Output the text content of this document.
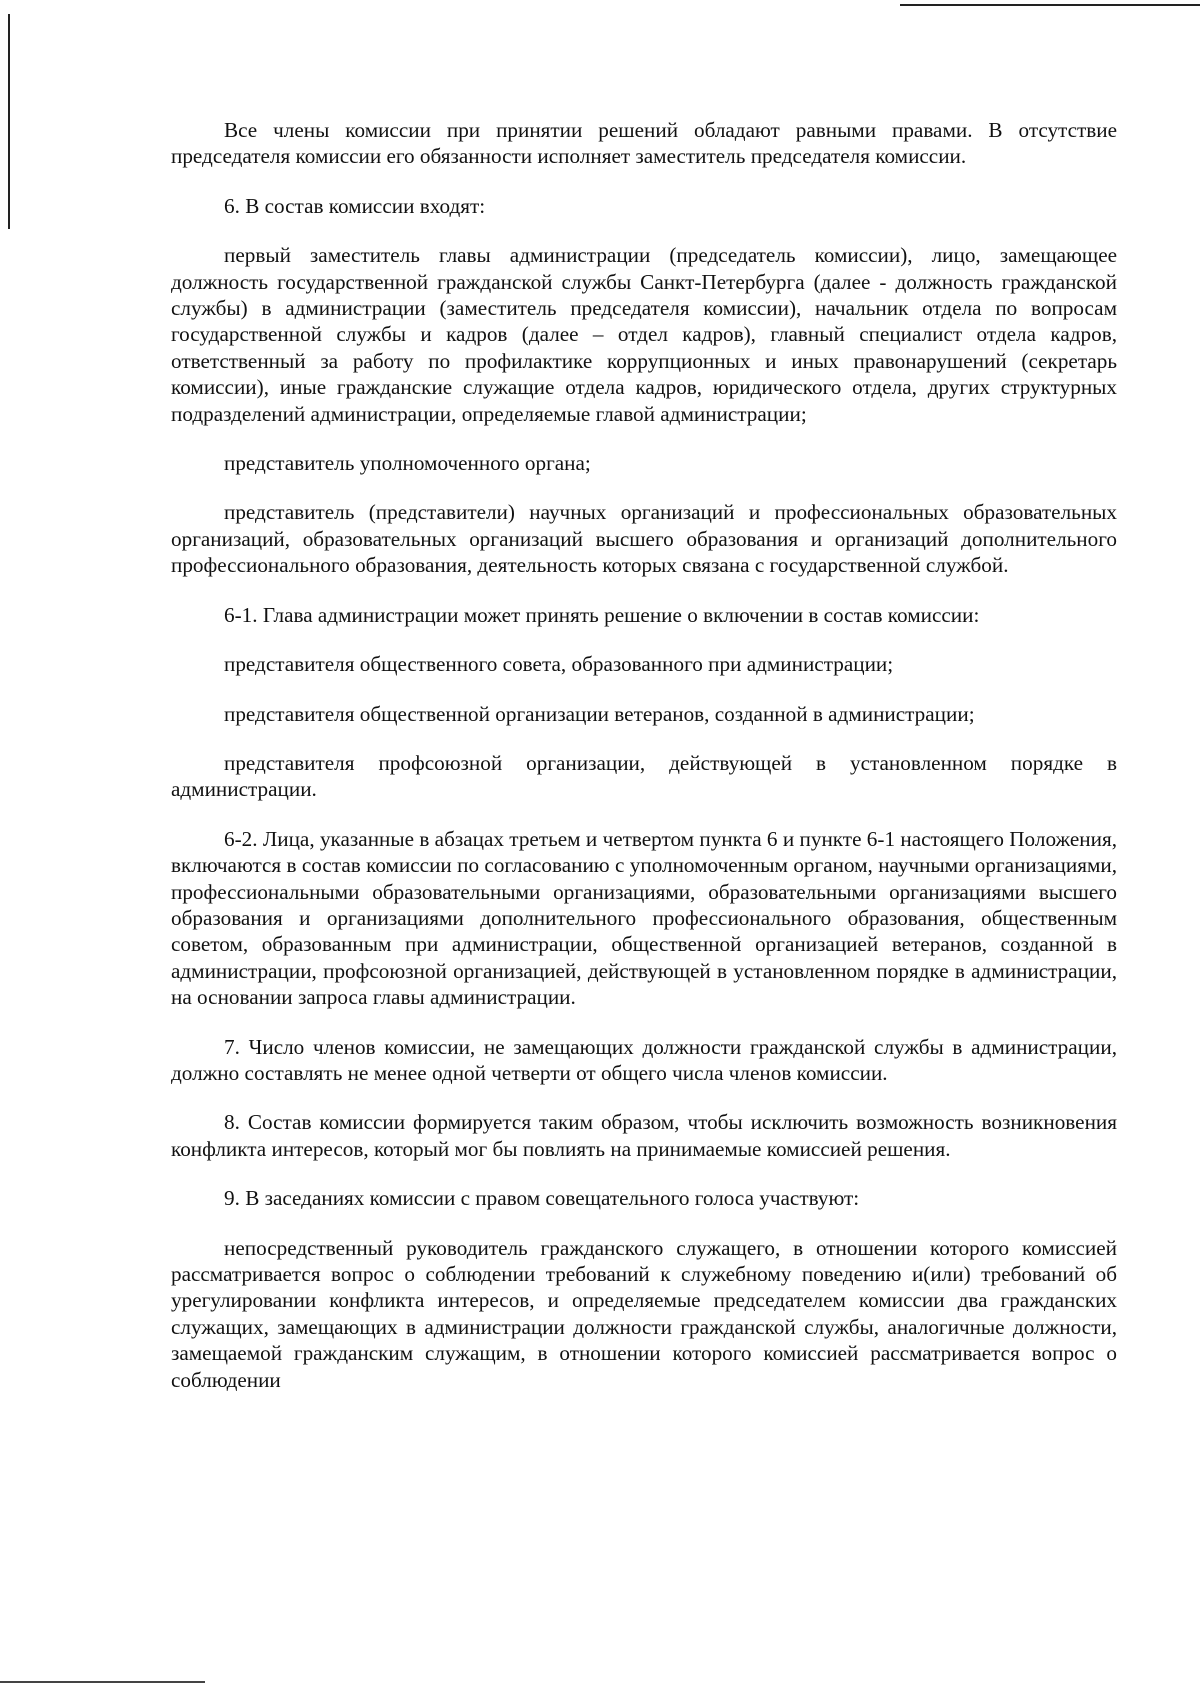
Все члены комиссии при принятии решений обладают равными правами. В отсутствие председателя комиссии его обязанности исполняет заместитель председателя комиссии.

6. В состав комиссии входят:

первый заместитель главы администрации (председатель комиссии), лицо, замещающее должность государственной гражданской службы Санкт-Петербурга (далее - должность гражданской службы) в администрации (заместитель председателя комиссии), начальник отдела по вопросам государственной службы и кадров (далее – отдел кадров), главный специалист отдела кадров, ответственный за работу по профилактике коррупционных и иных правонарушений (секретарь комиссии), иные гражданские служащие отдела кадров, юридического отдела, других структурных подразделений администрации, определяемые главой администрации;

представитель уполномоченного органа;

представитель (представители) научных организаций и профессиональных образовательных организаций, образовательных организаций высшего образования и организаций дополнительного профессионального образования, деятельность которых связана с государственной службой.

6-1. Глава администрации может принять решение о включении в состав комиссии:

представителя общественного совета, образованного при администрации;

представителя общественной организации ветеранов, созданной в администрации;

представителя профсоюзной организации, действующей в установленном порядке в администрации.

6-2. Лица, указанные в абзацах третьем и четвертом пункта 6 и пункте 6-1 настоящего Положения, включаются в состав комиссии по согласованию с уполномоченным органом, научными организациями, профессиональными образовательными организациями, образовательными организациями высшего образования и организациями дополнительного профессионального образования, общественным советом, образованным при администрации, общественной организацией ветеранов, созданной в администрации, профсоюзной организацией, действующей в установленном порядке в администрации, на основании запроса главы администрации.

7. Число членов комиссии, не замещающих должности гражданской службы в администрации, должно составлять не менее одной четверти от общего числа членов комиссии.

8. Состав комиссии формируется таким образом, чтобы исключить возможность возникновения конфликта интересов, который мог бы повлиять на принимаемые комиссией решения.

9. В заседаниях комиссии с правом совещательного голоса участвуют:

непосредственный руководитель гражданского служащего, в отношении которого комиссией рассматривается вопрос о соблюдении требований к служебному поведению и(или) требований об урегулировании конфликта интересов, и определяемые председателем комиссии два гражданских служащих, замещающих в администрации должности гражданской службы, аналогичные должности, замещаемой гражданским служащим, в отношении которого комиссией рассматривается вопрос о соблюдении
